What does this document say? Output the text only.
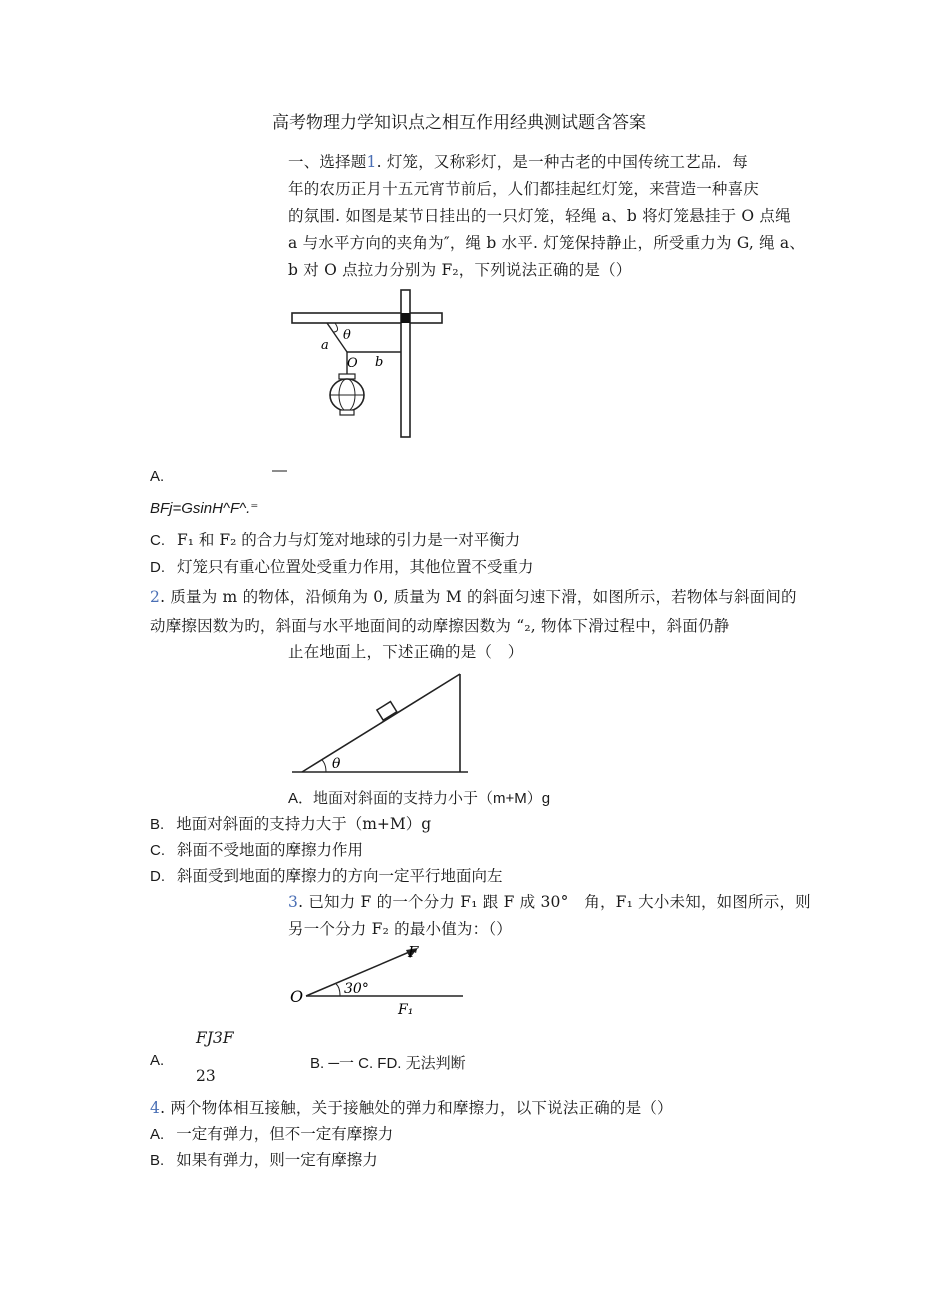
高考物理力学知识点之相互作用经典测试题含答案
一、选择题1. 灯笼，又称彩灯，是一种古老的中国传统工艺品．每
年的农历正月十五元宵节前后，人们都挂起红灯笼，来营造一种喜庆
的氛围. 如图是某节日挂出的一只灯笼，轻绳 a、b 将灯笼悬挂于 O 点绳
a 与水平方向的夹角为″，绳 b 水平. 灯笼保持静止，所受重力为 G, 绳 a、
b 对 O 点拉力分别为 F₂，下列说法正确的是（）
θ
a
O b
A.	—
BFj=GsinH^F^.⁼
C. F₁ 和 F₂ 的合力与灯笼对地球的引力是一对平衡力
D. 灯笼只有重心位置处受重力作用，其他位置不受重力
2. 质量为 m 的物体，沿倾角为 0, 质量为 M 的斜面匀速下滑，如图所示，若物体与斜面间的
动摩擦因数为旳，斜面与水平地面间的动摩擦因数为 “₂, 物体下滑过程中，斜面仍静
止在地面上，下述正确的是（　）
θ
A．地面对斜面的支持力小于（m+M）g
B. 地面对斜面的支持力大于（m+M）g
C. 斜面不受地面的摩擦力作用
D. 斜面受到地面的摩擦力的方向一定平行地面向左
3. 已知力 F 的一个分力 F₁ 跟 F 成 30°　角，F₁ 大小未知，如图所示，则
另一个分力 F₂ 的最小值为：（）
F
O	30°
F₁
FJ3F
A.	B. ─一 C. FD. 无法判断
23
4. 两个物体相互接触，关于接触处的弹力和摩擦力，以下说法正确的是（）
A. 一定有弹力，但不一定有摩擦力
B. 如果有弹力，则一定有摩擦力
